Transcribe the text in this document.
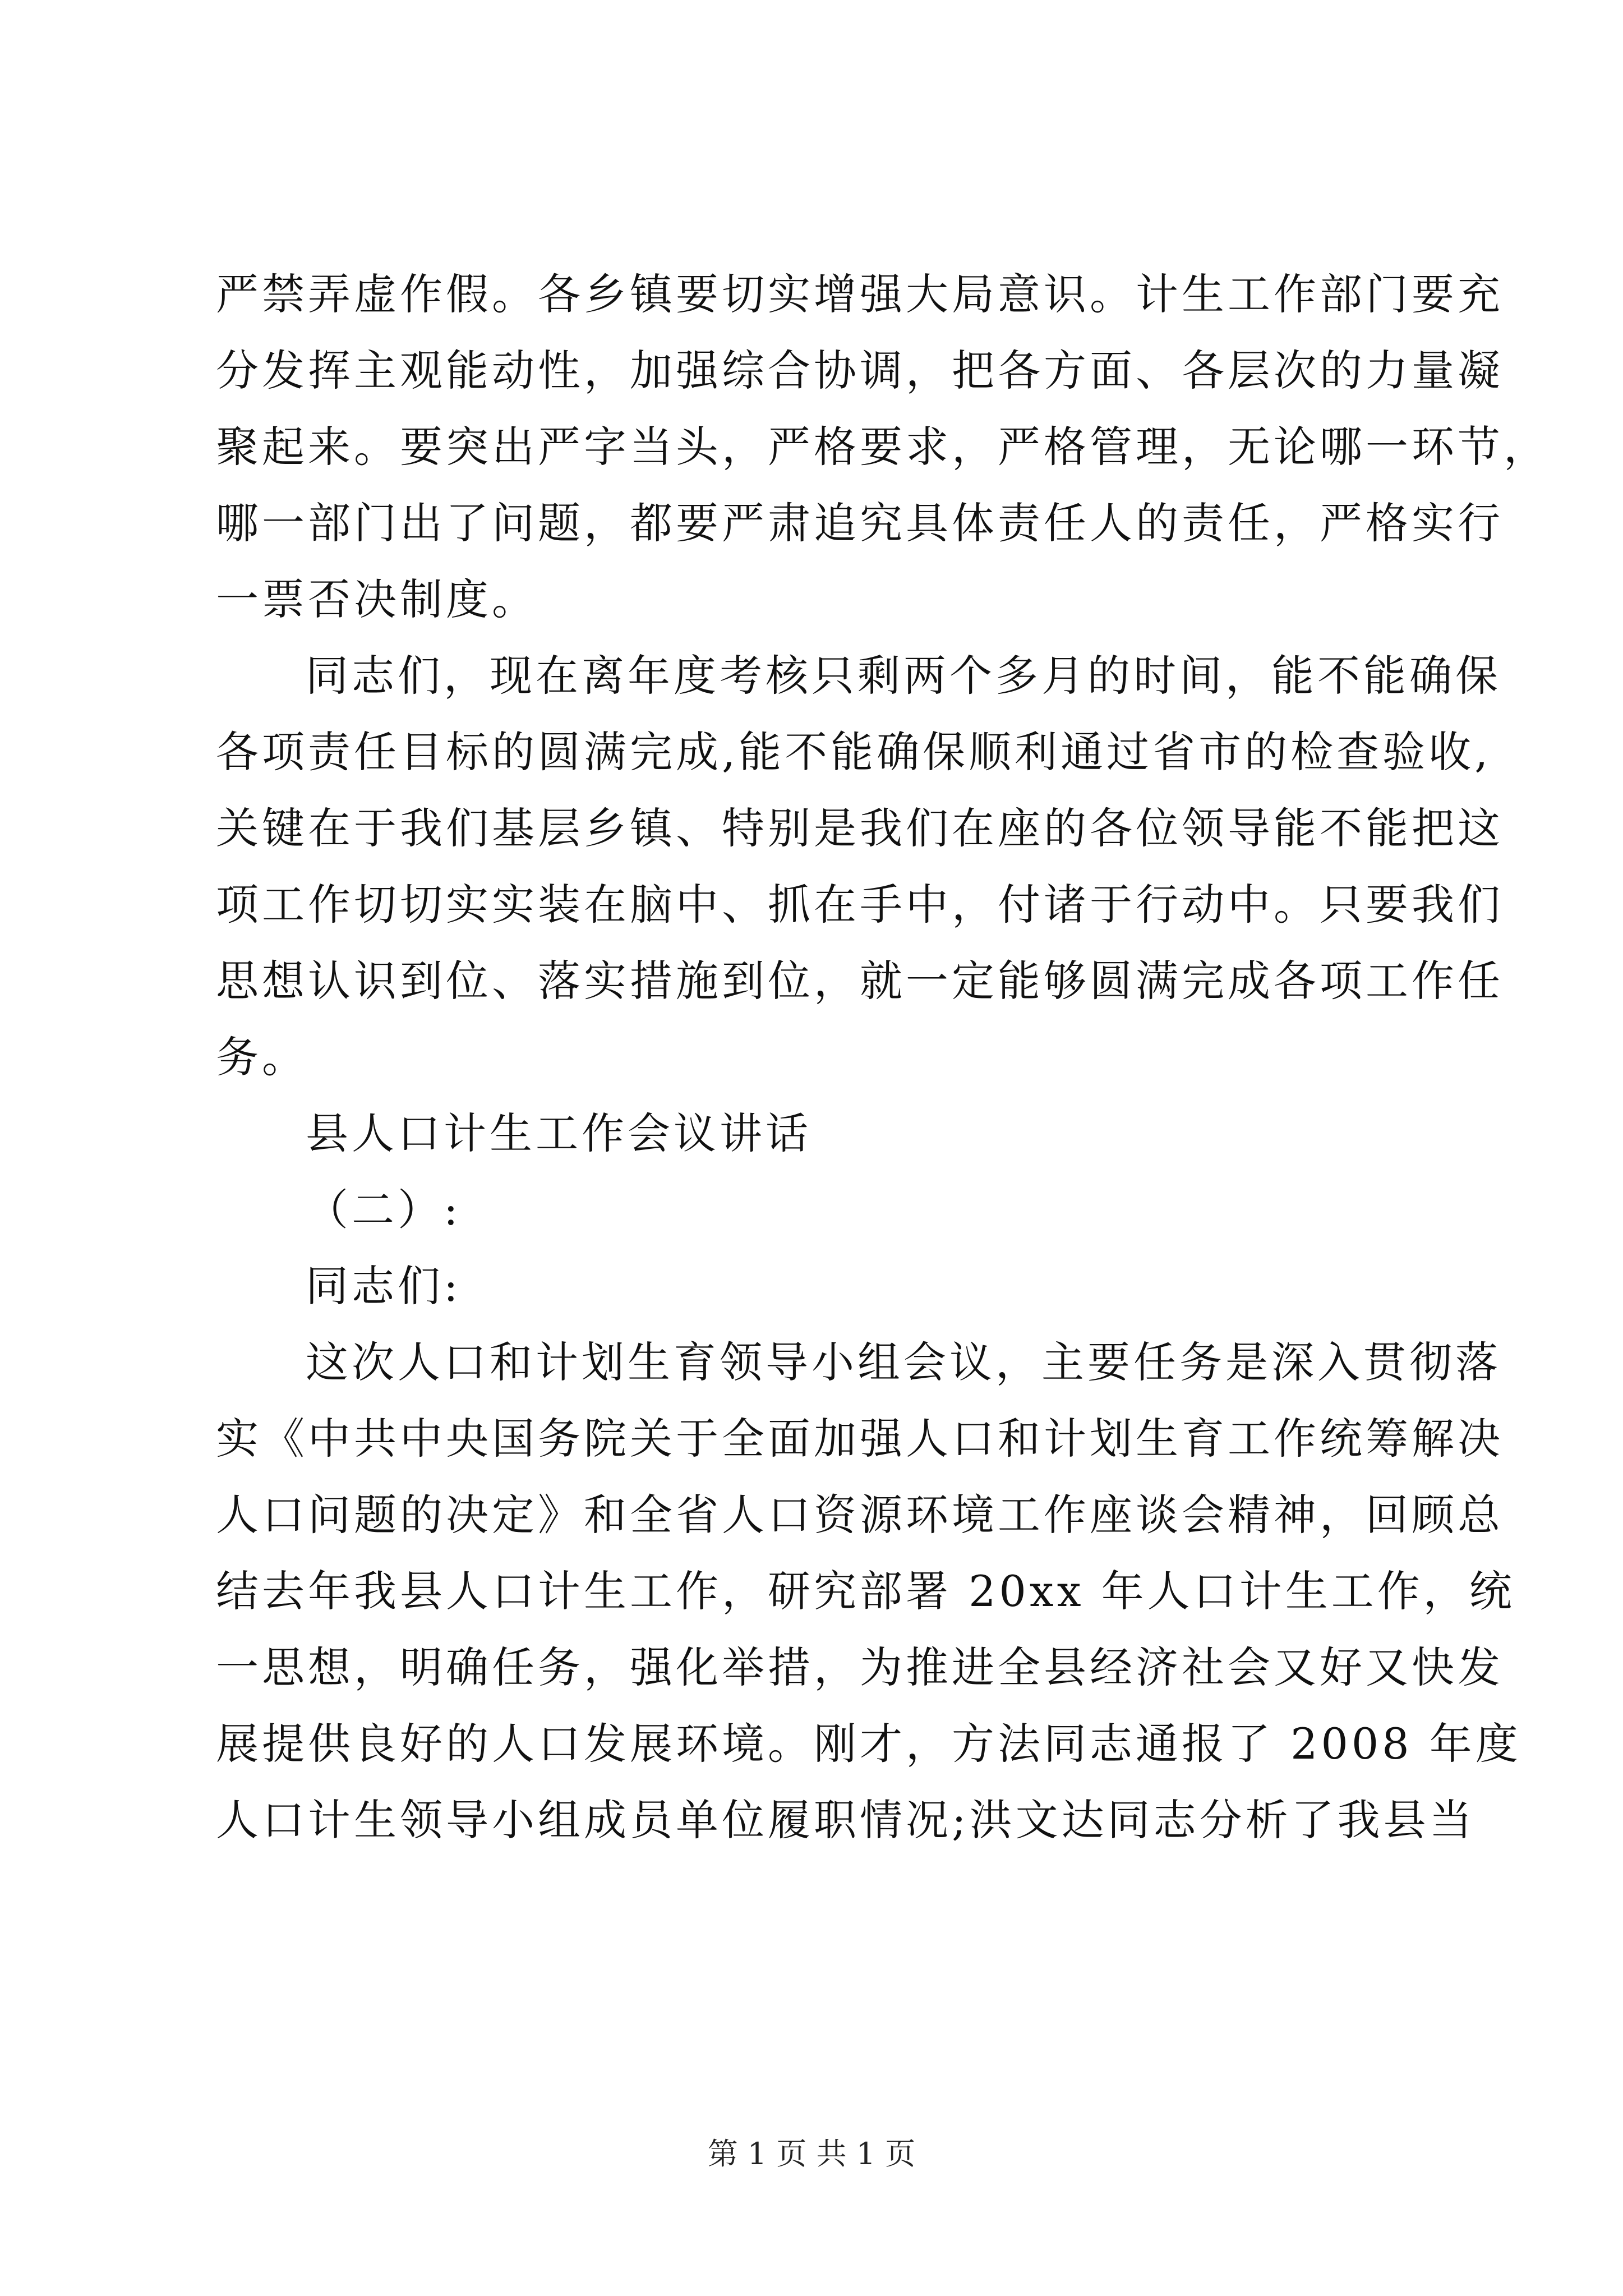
严禁弄虚作假。各乡镇要切实增强大局意识。计生工作部门要充
分发挥主观能动性，加强综合协调，把各方面、各层次的力量凝
聚起来。要突出严字当头，严格要求，严格管理，无论哪一环节，
哪一部门出了问题，都要严肃追究具体责任人的责任，严格实行
一票否决制度。
同志们，现在离年度考核只剩两个多月的时间，能不能确保
各项责任目标的圆满完成,能不能确保顺利通过省市的检查验收,
关键在于我们基层乡镇、特别是我们在座的各位领导能不能把这
项工作切切实实装在脑中、抓在手中，付诸于行动中。只要我们
思想认识到位、落实措施到位，就一定能够圆满完成各项工作任
务。
县人口计生工作会议讲话
（二）:
同志们:
这次人口和计划生育领导小组会议，主要任务是深入贯彻落
实《中共中央国务院关于全面加强人口和计划生育工作统筹解决
人口问题的决定》和全省人口资源环境工作座谈会精神，回顾总
结去年我县人口计生工作，研究部署 20xx 年人口计生工作，统
一思想，明确任务，强化举措，为推进全县经济社会又好又快发
展提供良好的人口发展环境。刚才，方法同志通报了 2008 年度
人口计生领导小组成员单位履职情况;洪文达同志分析了我县当
第 1 页 共 1 页
